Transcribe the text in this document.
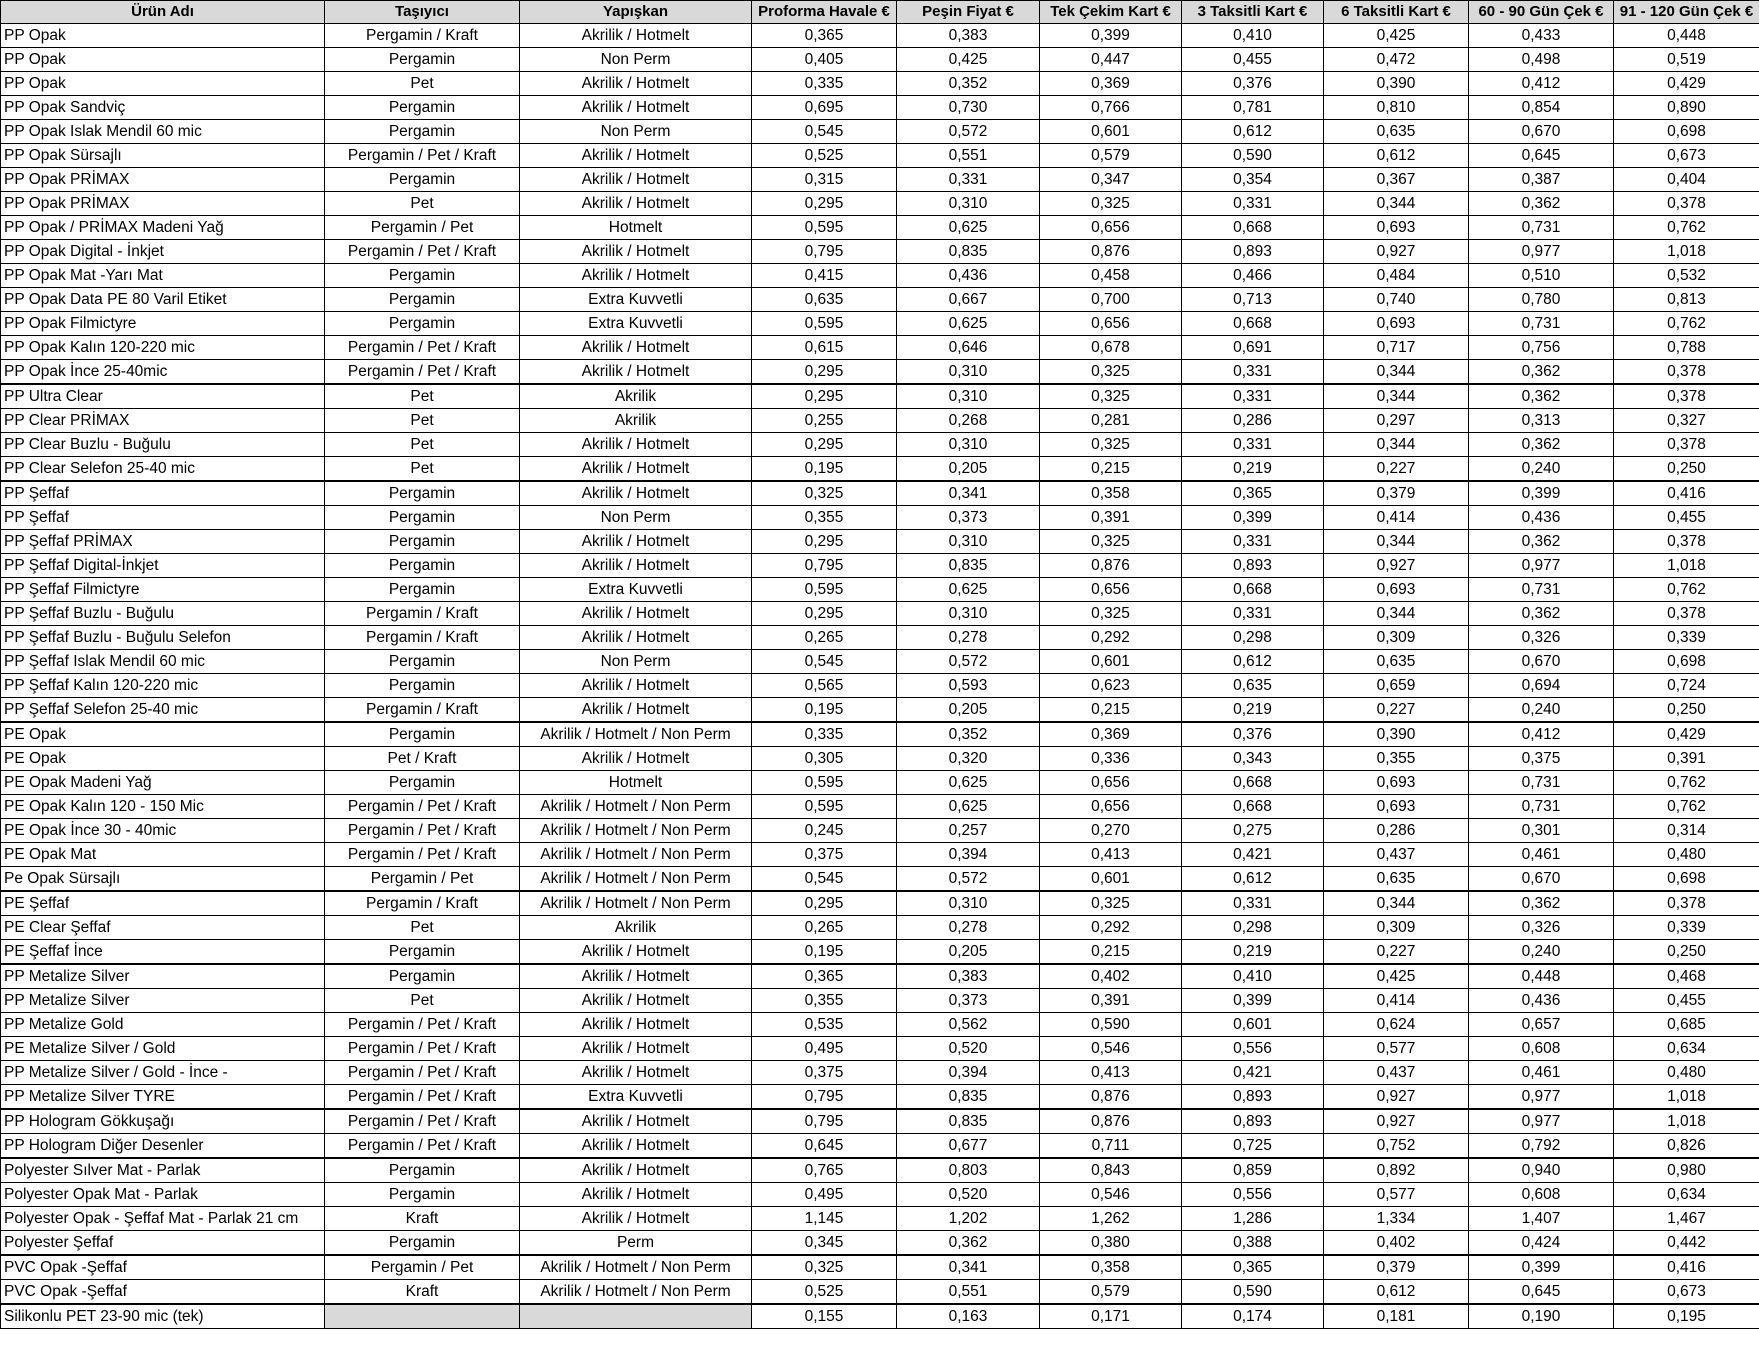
Ürün Adı	Taşıyıcı	Yapışkan	Proforma Havale €	Peşin Fiyat €	Tek Çekim Kart €	3 Taksitli Kart €	6 Taksitli Kart €	60 - 90 Gün Çek €	91 - 120 Gün Çek €
PP Opak	Pergamin / Kraft	Akrilik / Hotmelt	0,365	0,383	0,399	0,410	0,425	0,433	0,448
PP Opak	Pergamin	Non Perm	0,405	0,425	0,447	0,455	0,472	0,498	0,519
PP Opak	Pet	Akrilik / Hotmelt	0,335	0,352	0,369	0,376	0,390	0,412	0,429
PP Opak Sandviç	Pergamin	Akrilik / Hotmelt	0,695	0,730	0,766	0,781	0,810	0,854	0,890
PP Opak Islak Mendil 60 mic	Pergamin	Non Perm	0,545	0,572	0,601	0,612	0,635	0,670	0,698
PP Opak Sürsajlı	Pergamin / Pet / Kraft	Akrilik / Hotmelt	0,525	0,551	0,579	0,590	0,612	0,645	0,673
PP Opak PRİMAX	Pergamin	Akrilik / Hotmelt	0,315	0,331	0,347	0,354	0,367	0,387	0,404
PP Opak PRİMAX	Pet	Akrilik / Hotmelt	0,295	0,310	0,325	0,331	0,344	0,362	0,378
PP Opak / PRİMAX Madeni Yağ	Pergamin / Pet	Hotmelt	0,595	0,625	0,656	0,668	0,693	0,731	0,762
PP Opak Digital - İnkjet	Pergamin / Pet / Kraft	Akrilik / Hotmelt	0,795	0,835	0,876	0,893	0,927	0,977	1,018
PP Opak Mat -Yarı Mat	Pergamin	Akrilik / Hotmelt	0,415	0,436	0,458	0,466	0,484	0,510	0,532
PP Opak Data PE 80 Varil Etiket	Pergamin	Extra Kuvvetli	0,635	0,667	0,700	0,713	0,740	0,780	0,813
PP Opak Filmictyre	Pergamin	Extra Kuvvetli	0,595	0,625	0,656	0,668	0,693	0,731	0,762
PP Opak Kalın 120-220 mic	Pergamin / Pet / Kraft	Akrilik / Hotmelt	0,615	0,646	0,678	0,691	0,717	0,756	0,788
PP Opak İnce 25-40mic	Pergamin / Pet / Kraft	Akrilik / Hotmelt	0,295	0,310	0,325	0,331	0,344	0,362	0,378
PP Ultra Clear	Pet	Akrilik	0,295	0,310	0,325	0,331	0,344	0,362	0,378
PP Clear PRİMAX	Pet	Akrilik	0,255	0,268	0,281	0,286	0,297	0,313	0,327
PP Clear Buzlu - Buğulu	Pet	Akrilik / Hotmelt	0,295	0,310	0,325	0,331	0,344	0,362	0,378
PP Clear Selefon 25-40 mic	Pet	Akrilik / Hotmelt	0,195	0,205	0,215	0,219	0,227	0,240	0,250
PP Şeffaf	Pergamin	Akrilik / Hotmelt	0,325	0,341	0,358	0,365	0,379	0,399	0,416
PP Şeffaf	Pergamin	Non Perm	0,355	0,373	0,391	0,399	0,414	0,436	0,455
PP Şeffaf PRİMAX	Pergamin	Akrilik / Hotmelt	0,295	0,310	0,325	0,331	0,344	0,362	0,378
PP Şeffaf Digital-İnkjet	Pergamin	Akrilik / Hotmelt	0,795	0,835	0,876	0,893	0,927	0,977	1,018
PP Şeffaf Filmictyre	Pergamin	Extra Kuvvetli	0,595	0,625	0,656	0,668	0,693	0,731	0,762
PP Şeffaf Buzlu - Buğulu	Pergamin / Kraft	Akrilik / Hotmelt	0,295	0,310	0,325	0,331	0,344	0,362	0,378
PP Şeffaf Buzlu - Buğulu Selefon	Pergamin / Kraft	Akrilik / Hotmelt	0,265	0,278	0,292	0,298	0,309	0,326	0,339
PP Şeffaf Islak Mendil 60 mic	Pergamin	Non Perm	0,545	0,572	0,601	0,612	0,635	0,670	0,698
PP Şeffaf Kalın 120-220 mic	Pergamin	Akrilik / Hotmelt	0,565	0,593	0,623	0,635	0,659	0,694	0,724
PP Şeffaf Selefon 25-40 mic	Pergamin / Kraft	Akrilik / Hotmelt	0,195	0,205	0,215	0,219	0,227	0,240	0,250
PE Opak	Pergamin	Akrilik / Hotmelt / Non Perm	0,335	0,352	0,369	0,376	0,390	0,412	0,429
PE Opak	Pet / Kraft	Akrilik / Hotmelt	0,305	0,320	0,336	0,343	0,355	0,375	0,391
PE Opak Madeni Yağ	Pergamin	Hotmelt	0,595	0,625	0,656	0,668	0,693	0,731	0,762
PE Opak Kalın 120 - 150 Mic	Pergamin / Pet / Kraft	Akrilik / Hotmelt / Non Perm	0,595	0,625	0,656	0,668	0,693	0,731	0,762
PE Opak İnce 30 - 40mic	Pergamin / Pet / Kraft	Akrilik / Hotmelt / Non Perm	0,245	0,257	0,270	0,275	0,286	0,301	0,314
PE Opak Mat	Pergamin / Pet / Kraft	Akrilik / Hotmelt / Non Perm	0,375	0,394	0,413	0,421	0,437	0,461	0,480
Pe Opak Sürsajlı	Pergamin / Pet	Akrilik / Hotmelt / Non Perm	0,545	0,572	0,601	0,612	0,635	0,670	0,698
PE Şeffaf	Pergamin / Kraft	Akrilik / Hotmelt / Non Perm	0,295	0,310	0,325	0,331	0,344	0,362	0,378
PE Clear Şeffaf	Pet	Akrilik	0,265	0,278	0,292	0,298	0,309	0,326	0,339
PE Şeffaf İnce	Pergamin	Akrilik / Hotmelt	0,195	0,205	0,215	0,219	0,227	0,240	0,250
PP Metalize Silver	Pergamin	Akrilik / Hotmelt	0,365	0,383	0,402	0,410	0,425	0,448	0,468
PP Metalize Silver	Pet	Akrilik / Hotmelt	0,355	0,373	0,391	0,399	0,414	0,436	0,455
PP Metalize Gold	Pergamin / Pet / Kraft	Akrilik / Hotmelt	0,535	0,562	0,590	0,601	0,624	0,657	0,685
PE Metalize Silver / Gold	Pergamin / Pet / Kraft	Akrilik / Hotmelt	0,495	0,520	0,546	0,556	0,577	0,608	0,634
PP Metalize Silver / Gold - İnce -	Pergamin / Pet / Kraft	Akrilik / Hotmelt	0,375	0,394	0,413	0,421	0,437	0,461	0,480
PP Metalize Silver TYRE	Pergamin / Pet / Kraft	Extra Kuvvetli	0,795	0,835	0,876	0,893	0,927	0,977	1,018
PP Hologram Gökkuşağı	Pergamin / Pet / Kraft	Akrilik / Hotmelt	0,795	0,835	0,876	0,893	0,927	0,977	1,018
PP Hologram Diğer Desenler	Pergamin / Pet / Kraft	Akrilik / Hotmelt	0,645	0,677	0,711	0,725	0,752	0,792	0,826
Polyester Sılver Mat - Parlak	Pergamin	Akrilik / Hotmelt	0,765	0,803	0,843	0,859	0,892	0,940	0,980
Polyester Opak Mat - Parlak	Pergamin	Akrilik / Hotmelt	0,495	0,520	0,546	0,556	0,577	0,608	0,634
Polyester Opak - Şeffaf Mat - Parlak 21 cm	Kraft	Akrilik / Hotmelt	1,145	1,202	1,262	1,286	1,334	1,407	1,467
Polyester Şeffaf	Pergamin	Perm	0,345	0,362	0,380	0,388	0,402	0,424	0,442
PVC Opak -Şeffaf	Pergamin / Pet	Akrilik / Hotmelt / Non Perm	0,325	0,341	0,358	0,365	0,379	0,399	0,416
PVC Opak -Şeffaf	Kraft	Akrilik / Hotmelt / Non Perm	0,525	0,551	0,579	0,590	0,612	0,645	0,673
Silikonlu PET 23-90 mic (tek)			0,155	0,163	0,171	0,174	0,181	0,190	0,195
